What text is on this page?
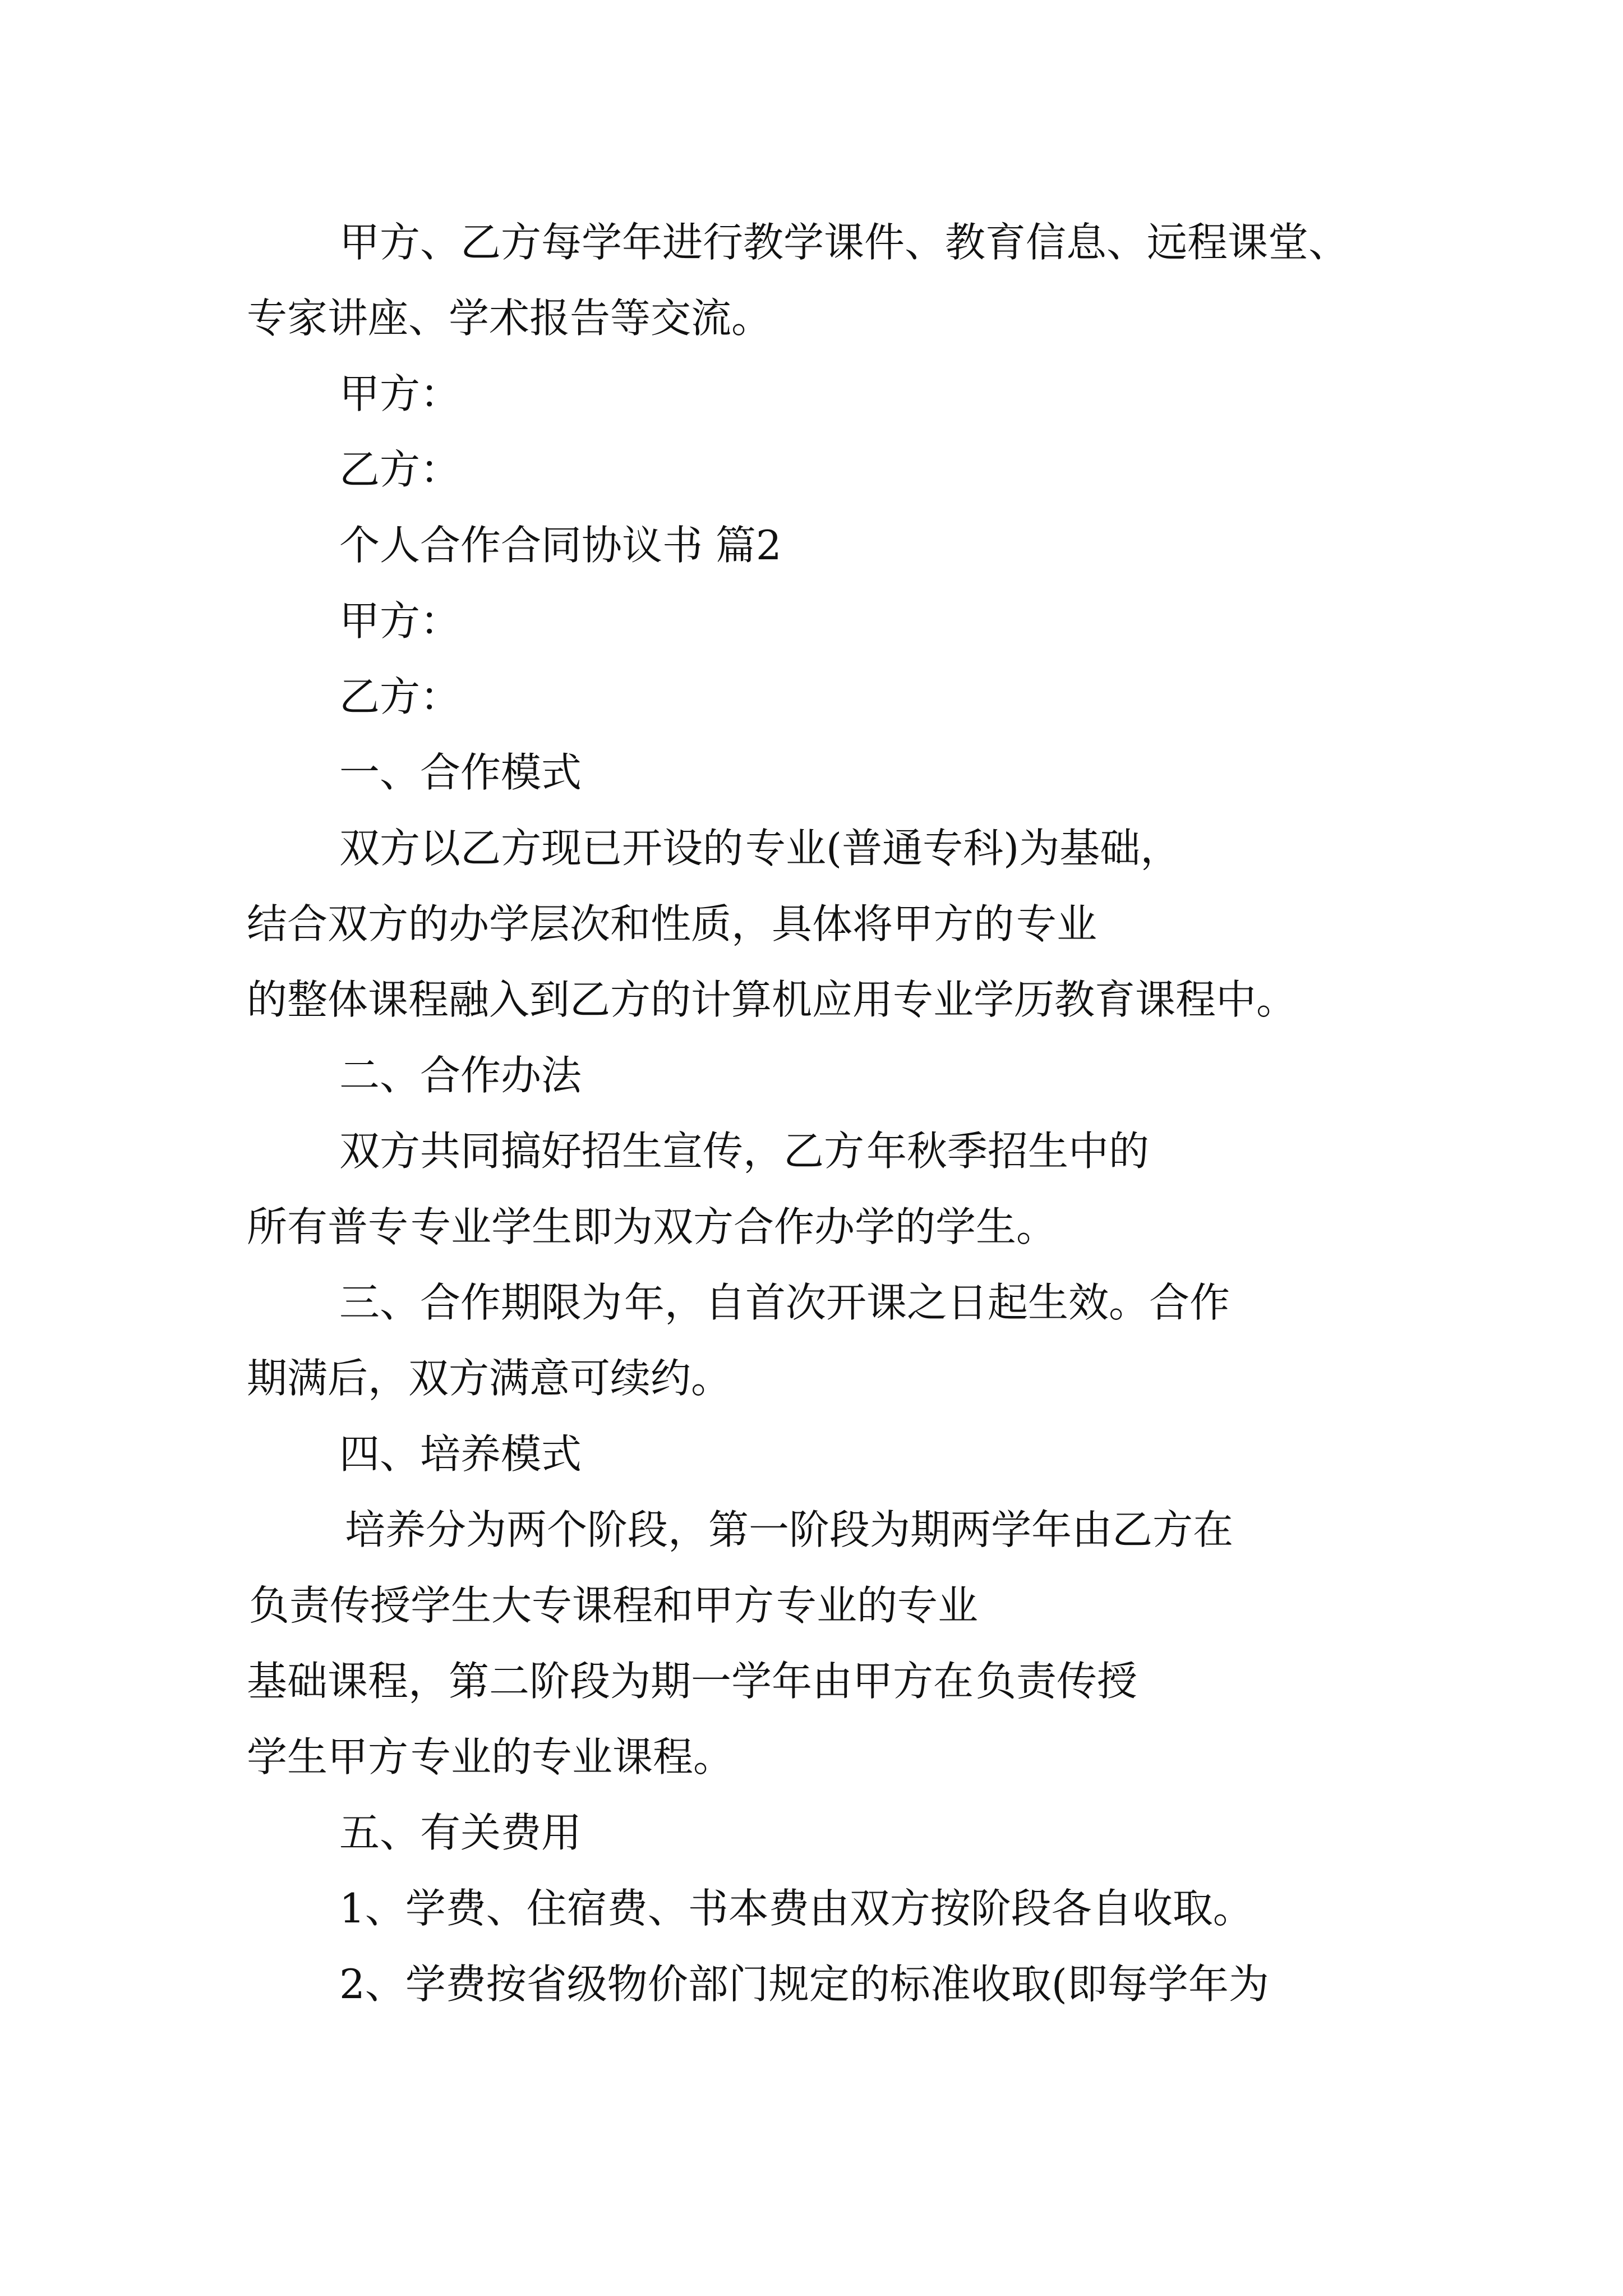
甲方、乙方每学年进行教学课件、教育信息、远程课堂、
专家讲座、学术报告等交流。
甲方：
乙方：
个人合作合同协议书 篇2
甲方：
乙方：
一、合作模式
双方以乙方现已开设的专业(普通专科)为基础，
结合双方的办学层次和性质，具体将甲方的专业
的整体课程融入到乙方的计算机应用专业学历教育课程中。
二、合作办法
双方共同搞好招生宣传，乙方年秋季招生中的
所有普专专业学生即为双方合作办学的学生。
三、合作期限为年，自首次开课之日起生效。合作
期满后，双方满意可续约。
四、培养模式
培养分为两个阶段，第一阶段为期两学年由乙方在
负责传授学生大专课程和甲方专业的专业
基础课程，第二阶段为期一学年由甲方在负责传授
学生甲方专业的专业课程。
五、有关费用
1、学费、住宿费、书本费由双方按阶段各自收取。
2、学费按省级物价部门规定的标准收取(即每学年为
